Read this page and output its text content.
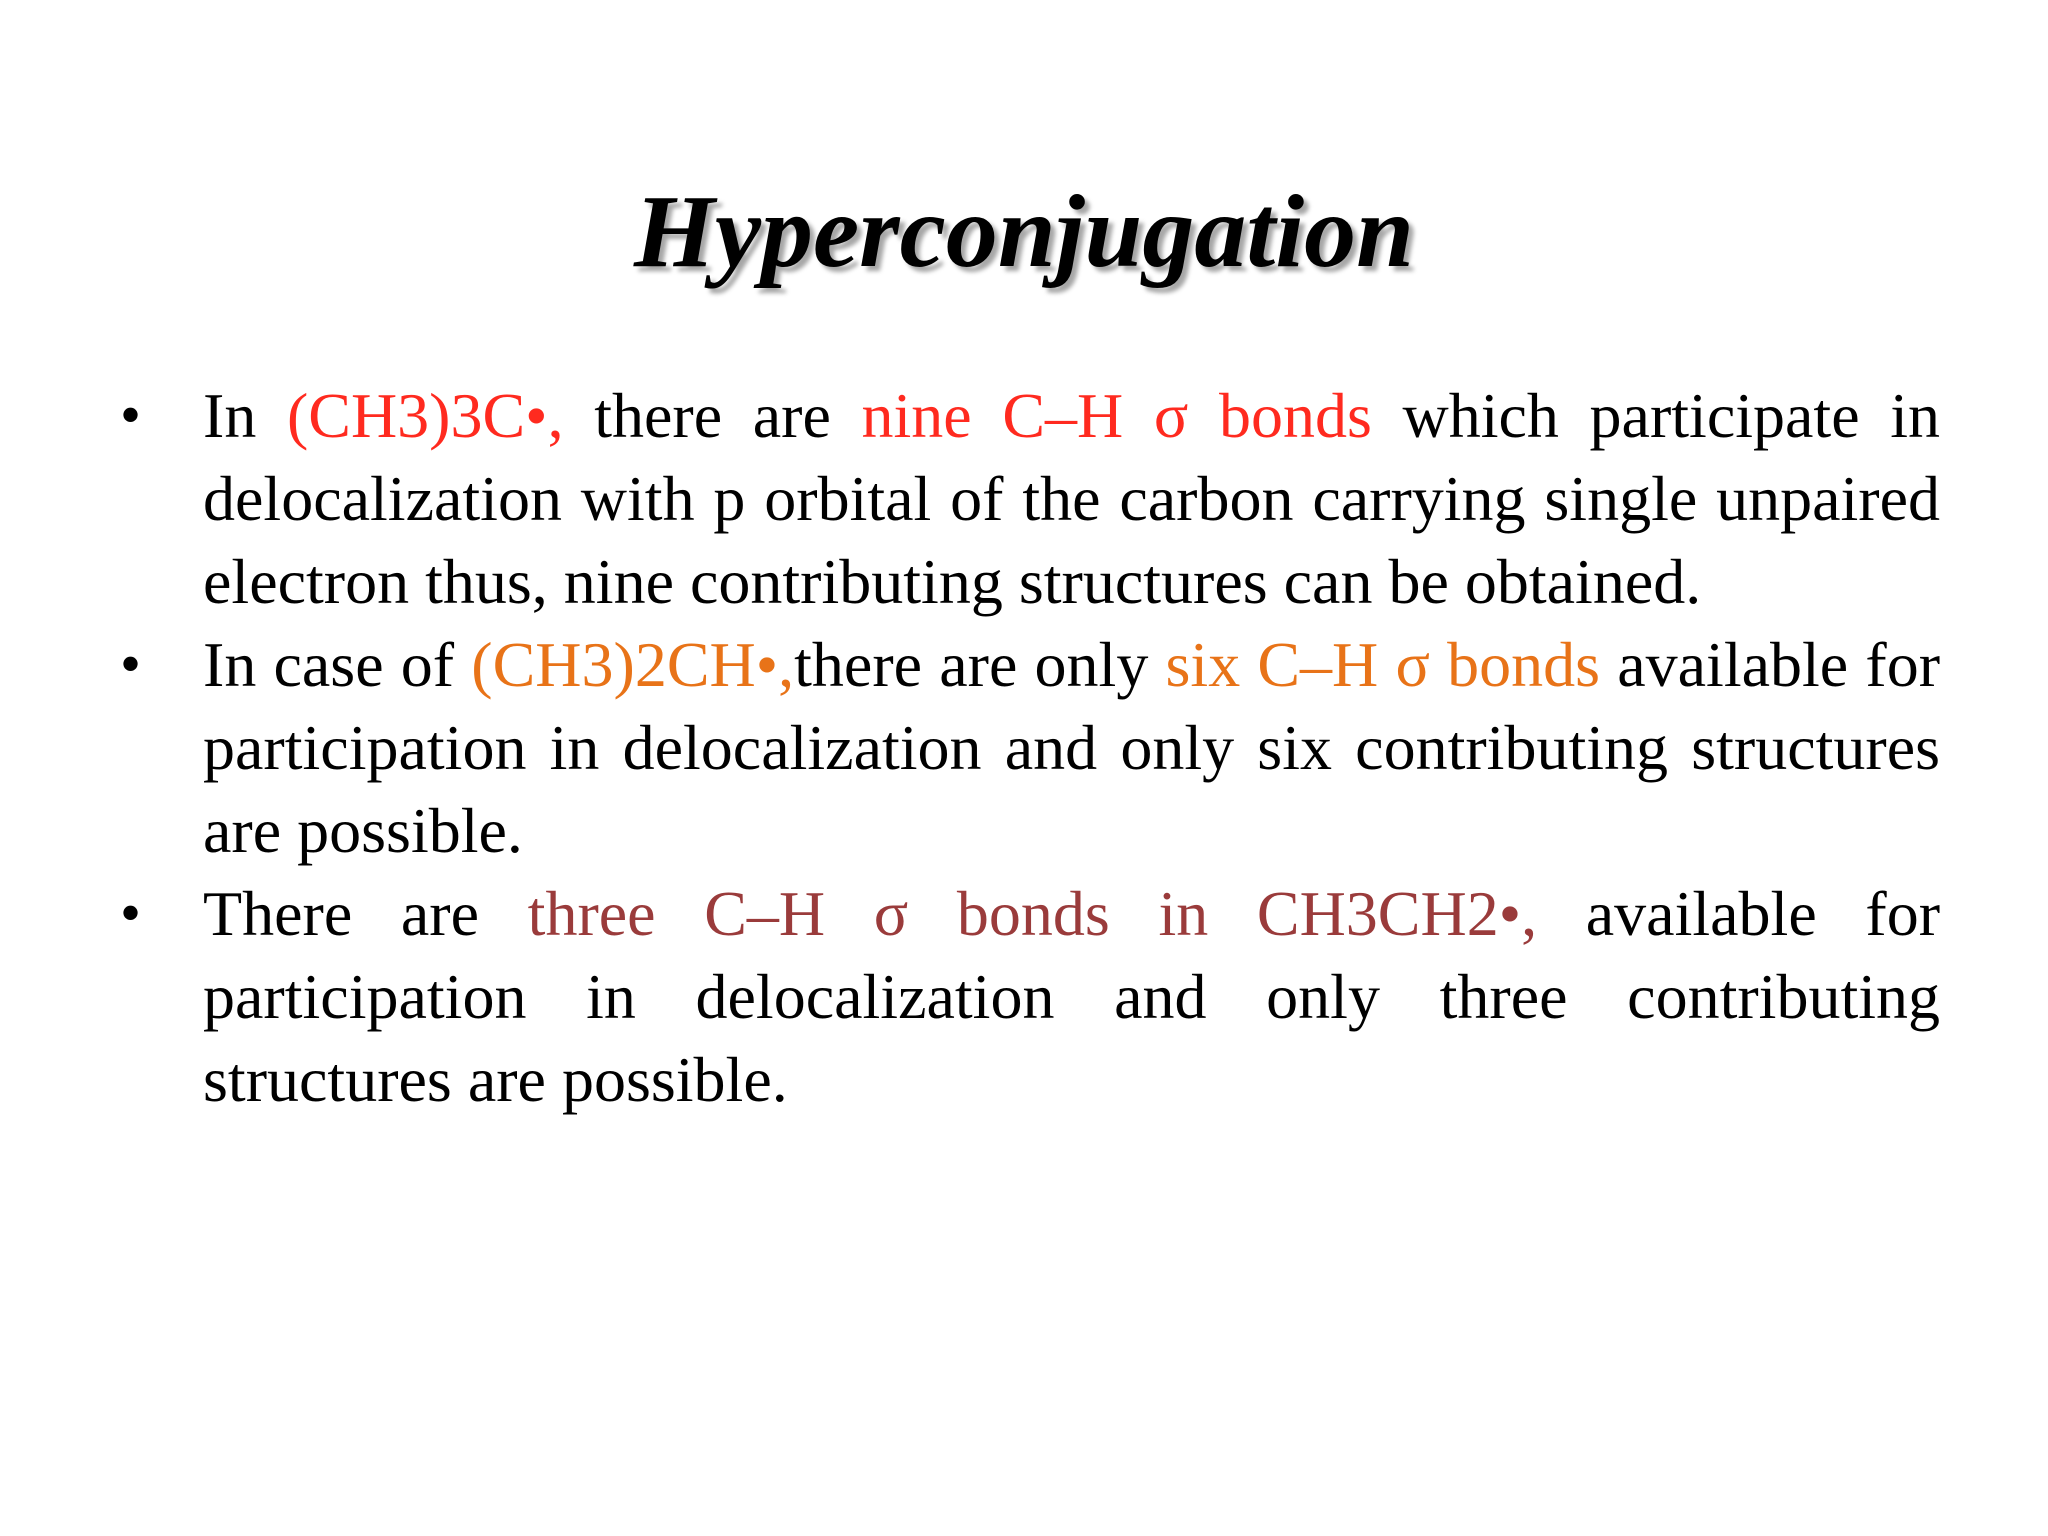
Hyperconjugation
• In (CH3)3C•, there are nine C–H σ bonds which participate in delocalization with p orbital of the carbon carrying single unpaired electron thus, nine contributing structures can be obtained.
• In case of (CH3)2CH•,there are only six C–H σ bonds available for participation in delocalization and only six contributing structures are possible.
• There are three C–H σ bonds in CH3CH2•, available for participation in delocalization and only three contributing structures are possible.
